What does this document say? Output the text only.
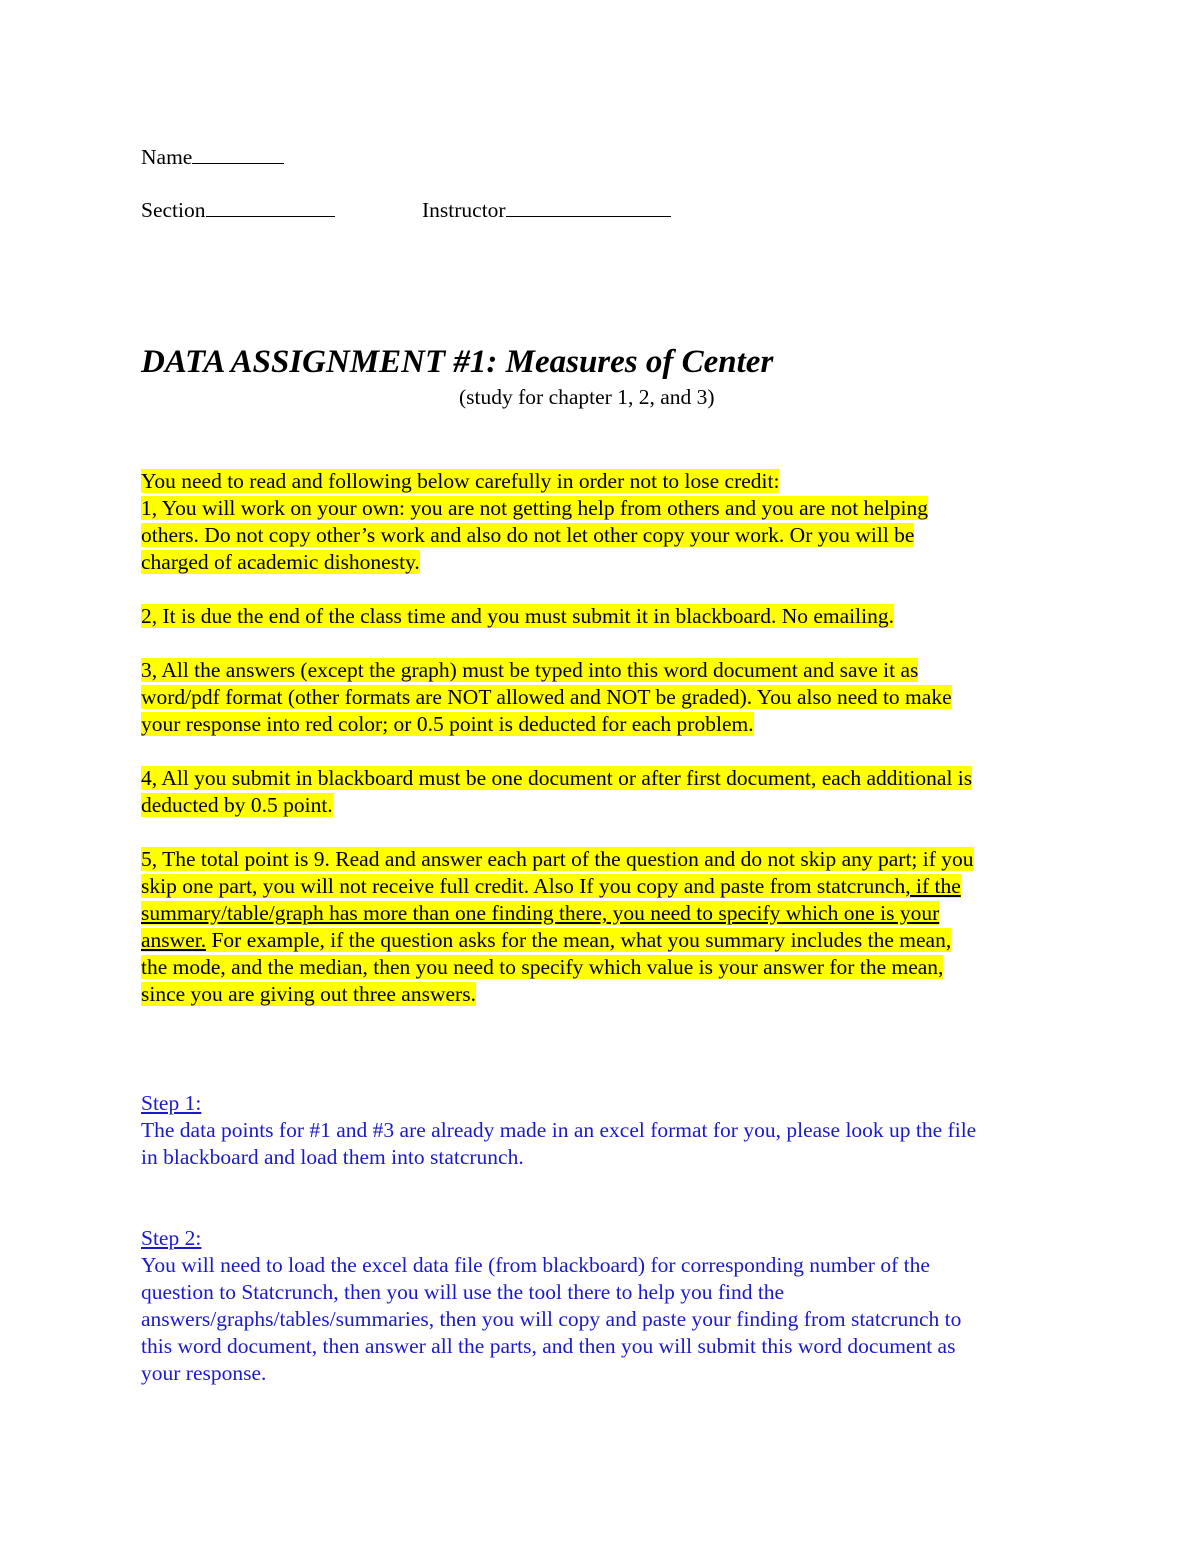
Name
Section	Instructor
DATA ASSIGNMENT #1: Measures of Center
(study for chapter 1, 2, and 3)
You need to read and following below carefully in order not to lose credit:
1, You will work on your own: you are not getting help from others and you are not helping
others. Do not copy other’s work and also do not let other copy your work. Or you will be
charged of academic dishonesty.
2, It is due the end of the class time and you must submit it in blackboard. No emailing.
3, All the answers (except the graph) must be typed into this word document and save it as
word/pdf format (other formats are NOT allowed and NOT be graded). You also need to make
your response into red color; or 0.5 point is deducted for each problem.
4, All you submit in blackboard must be one document or after first document, each additional is
deducted by 0.5 point.
5, The total point is 9. Read and answer each part of the question and do not skip any part; if you
skip one part, you will not receive full credit. Also If you copy and paste from statcrunch, if the
summary/table/graph has more than one finding there, you need to specify which one is your
answer. For example, if the question asks for the mean, what you summary includes the mean,
the mode, and the median, then you need to specify which value is your answer for the mean,
since you are giving out three answers.
Step 1:
The data points for #1 and #3 are already made in an excel format for you, please look up the file
in blackboard and load them into statcrunch.
Step 2:
You will need to load the excel data file (from blackboard) for corresponding number of the
question to Statcrunch, then you will use the tool there to help you find the
answers/graphs/tables/summaries, then you will copy and paste your finding from statcrunch to
this word document, then answer all the parts, and then you will submit this word document as
your response.
